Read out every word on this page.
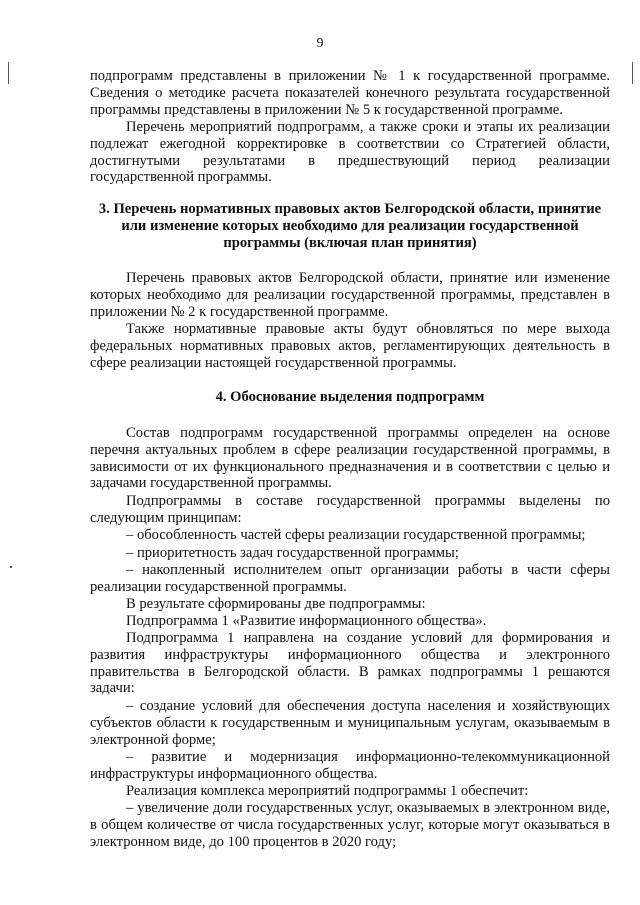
9

подпрограмм представлены в приложении № 1 к государственной программе. Сведения о методике расчета показателей конечного результата государственной программы представлены в приложении № 5 к государственной программе.

Перечень мероприятий подпрограмм, а также сроки и этапы их реализации подлежат ежегодной корректировке в соответствии со Стратегией области, достигнутыми результатами в предшествующий период реализации государственной программы.

3. Перечень нормативных правовых актов Белгородской области, принятие или изменение которых необходимо для реализации государственной программы (включая план принятия)

Перечень правовых актов Белгородской области, принятие или изменение которых необходимо для реализации государственной программы, представлен в приложении № 2 к государственной программе.

Также нормативные правовые акты будут обновляться по мере выхода федеральных нормативных правовых актов, регламентирующих деятельность в сфере реализации настоящей государственной программы.

4. Обоснование выделения подпрограмм

Состав подпрограмм государственной программы определен на основе перечня актуальных проблем в сфере реализации государственной программы, в зависимости от их функционального предназначения и в соответствии с целью и задачами государственной программы.

Подпрограммы в составе государственной программы выделены по следующим принципам:

– обособленность частей сферы реализации государственной программы;

– приоритетность задач государственной программы;

– накопленный исполнителем опыт организации работы в части сферы реализации государственной программы.

В результате сформированы две подпрограммы:

Подпрограмма 1 «Развитие информационного общества».

Подпрограмма 1 направлена на создание условий для формирования и развития инфраструктуры информационного общества и электронного правительства в Белгородской области. В рамках подпрограммы 1 решаются задачи:

– создание условий для обеспечения доступа населения и хозяйствующих субъектов области к государственным и муниципальным услугам, оказываемым в электронной форме;

– развитие и модернизация информационно-телекоммуникационной инфраструктуры информационного общества.

Реализация комплекса мероприятий подпрограммы 1 обеспечит:

– увеличение доли государственных услуг, оказываемых в электронном виде, в общем количестве от числа государственных услуг, которые могут оказываться в электронном виде, до 100 процентов в 2020 году;
